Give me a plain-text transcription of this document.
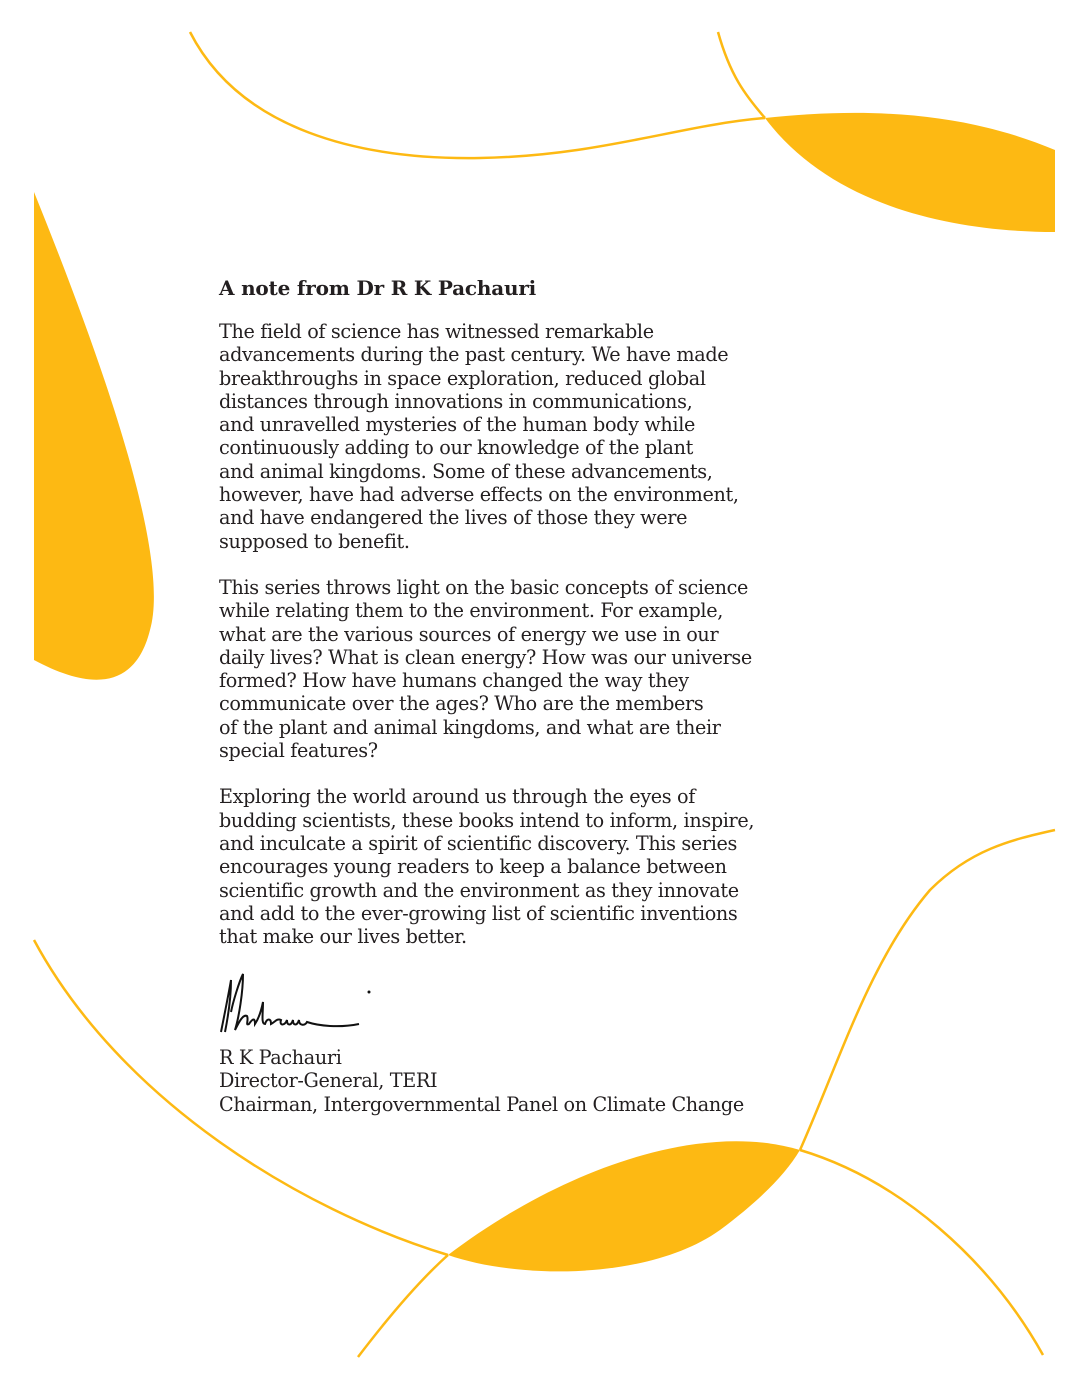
A note from Dr R K Pachauri
The field of science has witnessed remarkable
advancements during the past century. We have made
breakthroughs in space exploration, reduced global
distances through innovations in communications,
and unravelled mysteries of the human body while
continuously adding to our knowledge of the plant
and animal kingdoms. Some of these advancements,
however, have had adverse effects on the environment,
and have endangered the lives of those they were
supposed to benefit.
This series throws light on the basic concepts of science
while relating them to the environment. For example,
what are the various sources of energy we use in our
daily lives? What is clean energy? How was our universe
formed? How have humans changed the way they
communicate over the ages? Who are the members
of the plant and animal kingdoms, and what are their
special features?
Exploring the world around us through the eyes of
budding scientists, these books intend to inform, inspire,
and inculcate a spirit of scientific discovery. This series
encourages young readers to keep a balance between
scientific growth and the environment as they innovate
and add to the ever-growing list of scientific inventions
that make our lives better.
R K Pachauri
Director-General, TERI
Chairman, Intergovernmental Panel on Climate Change
